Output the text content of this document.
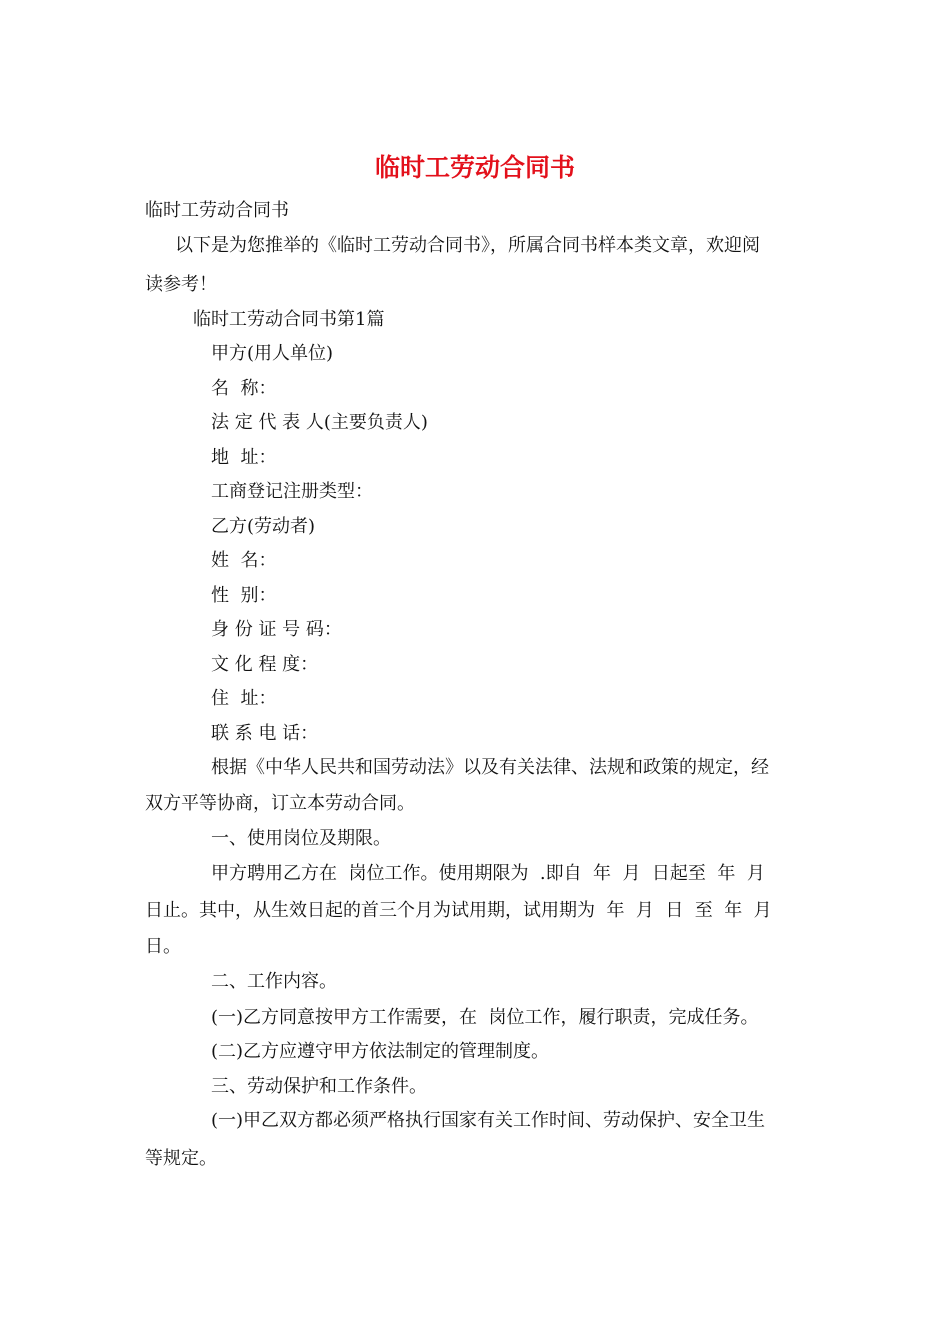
临时工劳动合同书
临时工劳动合同书
以下是为您推举的《临时工劳动合同书》，所属合同书样本类文章，欢迎阅
读参考！
临时工劳动合同书第1篇
甲方(用人单位)
名  称：
法 定 代 表 人(主要负责人)
地  址：
工商登记注册类型：
乙方(劳动者)
姓  名：
性  别：
身 份 证 号 码：
文 化 程 度：
住  址：
联 系 电 话：
根据《中华人民共和国劳动法》以及有关法律、法规和政策的规定，经
双方平等协商，订立本劳动合同。
一、使用岗位及期限。
甲方聘用乙方在  岗位工作。使用期限为  .即自  年  月  日起至  年  月
日止。其中，从生效日起的首三个月为试用期，试用期为  年  月  日  至  年  月
日。
二、工作内容。
(一)乙方同意按甲方工作需要，在  岗位工作，履行职责，完成任务。
(二)乙方应遵守甲方依法制定的管理制度。
三、劳动保护和工作条件。
(一)甲乙双方都必须严格执行国家有关工作时间、劳动保护、安全卫生
等规定。
